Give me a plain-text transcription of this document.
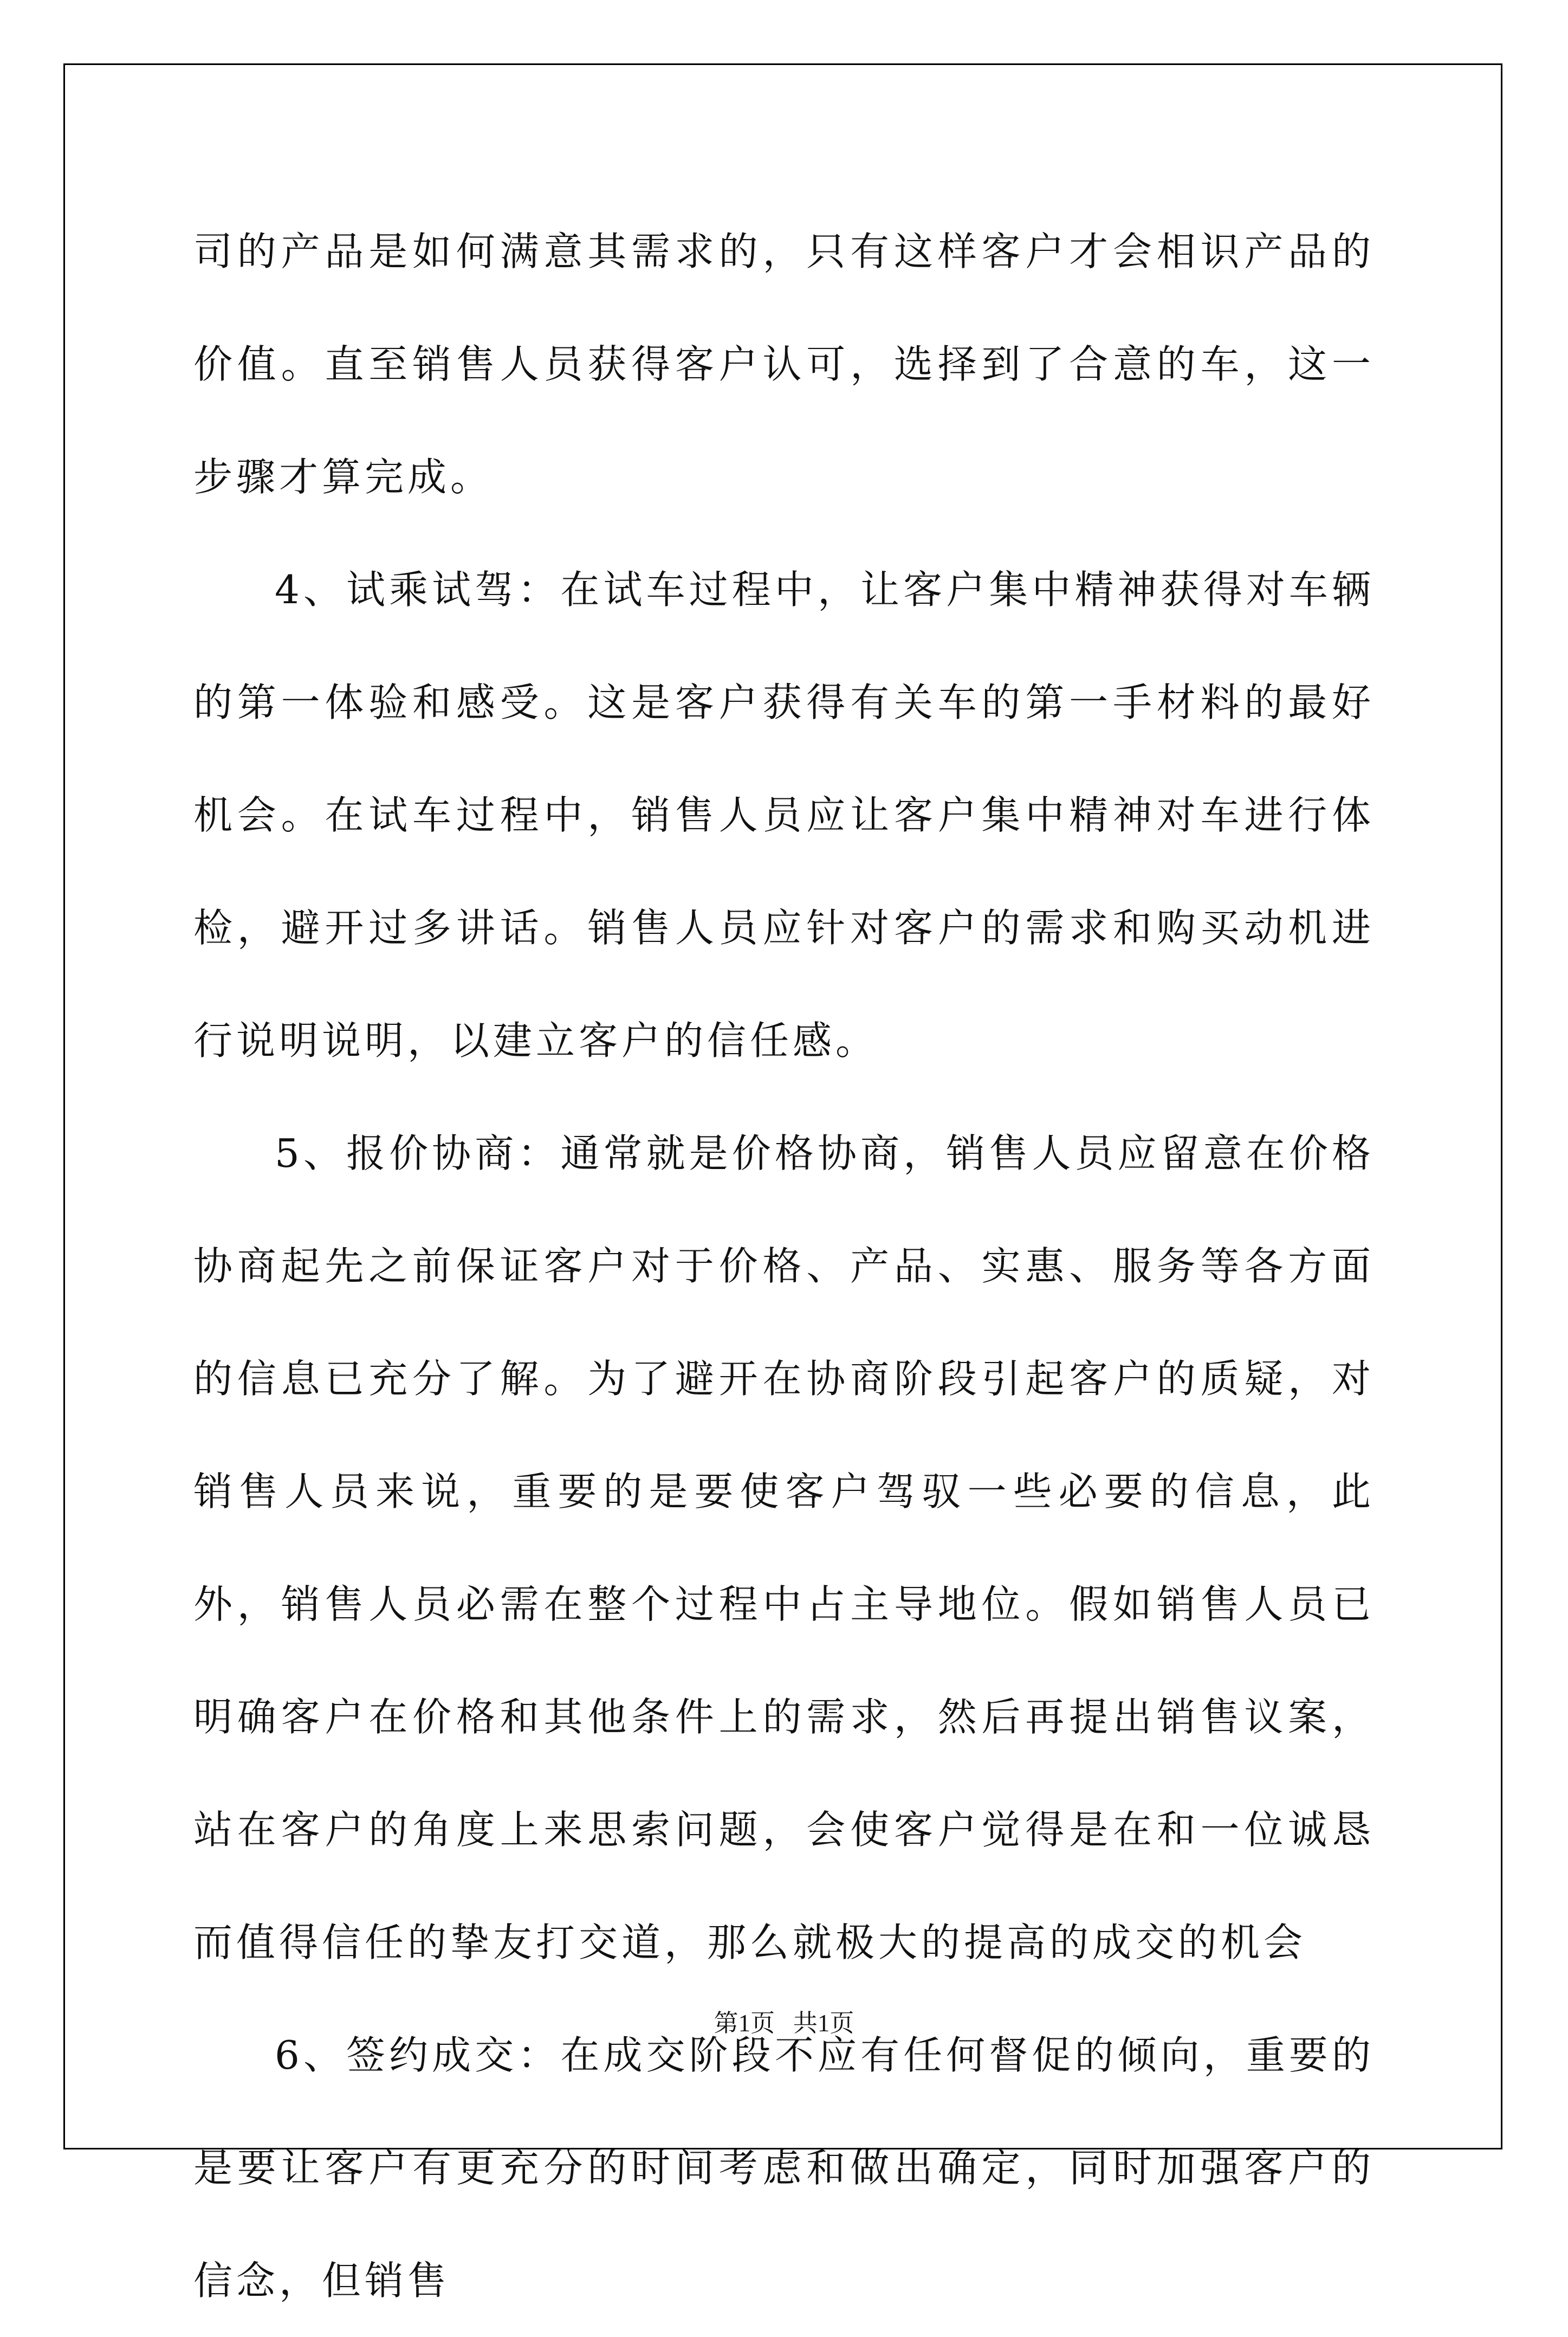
司的产品是如何满意其需求的，只有这样客户才会相识产品的价值。直至销售人员获得客户认可，选择到了合意的车，这一步骤才算完成。

4、试乘试驾：在试车过程中，让客户集中精神获得对车辆的第一体验和感受。这是客户获得有关车的第一手材料的最好机会。在试车过程中，销售人员应让客户集中精神对车进行体检，避开过多讲话。销售人员应针对客户的需求和购买动机进行说明说明，以建立客户的信任感。

5、报价协商：通常就是价格协商，销售人员应留意在价格协商起先之前保证客户对于价格、产品、实惠、服务等各方面的信息已充分了解。为了避开在协商阶段引起客户的质疑，对销售人员来说，重要的是要使客户驾驭一些必要的信息，此外，销售人员必需在整个过程中占主导地位。假如销售人员已明确客户在价格和其他条件上的需求，然后再提出销售议案，站在客户的角度上来思索问题，会使客户觉得是在和一位诚恳而值得信任的挚友打交道，那么就极大的提高的成交的机会

6、签约成交：在成交阶段不应有任何督促的倾向，重要的是要让客户有更充分的时间考虑和做出确定，同时加强客户的信念，但销售

第1页   共1页
